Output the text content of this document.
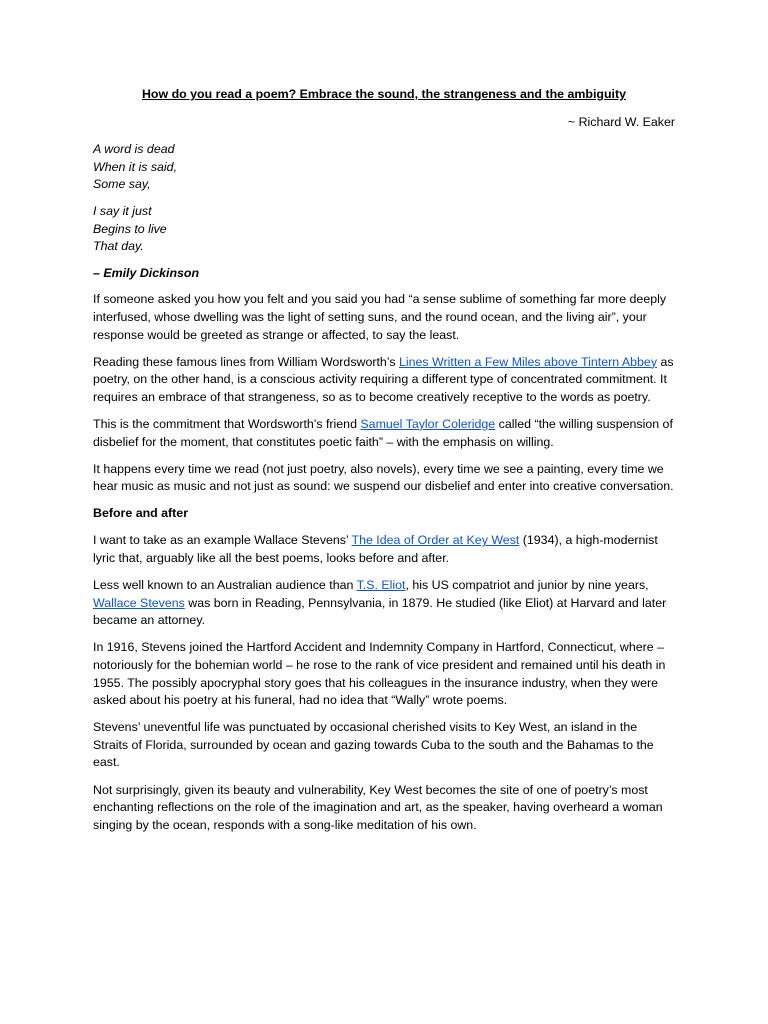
How do you read a poem? Embrace the sound, the strangeness and the ambiguity
~ Richard W. Eaker
A word is dead
When it is said,
Some say,
I say it just
Begins to live
That day.
– Emily Dickinson

If someone asked you how you felt and you said you had “a sense sublime of something far more deeply interfused, whose dwelling was the light of setting suns, and the round ocean, and the living air”, your response would be greeted as strange or affected, to say the least.

Reading these famous lines from William Wordsworth’s Lines Written a Few Miles above Tintern Abbey as poetry, on the other hand, is a conscious activity requiring a different type of concentrated commitment. It requires an embrace of that strangeness, so as to become creatively receptive to the words as poetry.

This is the commitment that Wordsworth’s friend Samuel Taylor Coleridge called “the willing suspension of disbelief for the moment, that constitutes poetic faith” – with the emphasis on willing.

It happens every time we read (not just poetry, also novels), every time we see a painting, every time we hear music as music and not just as sound: we suspend our disbelief and enter into creative conversation.

Before and after

I want to take as an example Wallace Stevens’ The Idea of Order at Key West (1934), a high-modernist lyric that, arguably like all the best poems, looks before and after.

Less well known to an Australian audience than T.S. Eliot, his US compatriot and junior by nine years, Wallace Stevens was born in Reading, Pennsylvania, in 1879. He studied (like Eliot) at Harvard and later became an attorney.

In 1916, Stevens joined the Hartford Accident and Indemnity Company in Hartford, Connecticut, where – notoriously for the bohemian world – he rose to the rank of vice president and remained until his death in 1955. The possibly apocryphal story goes that his colleagues in the insurance industry, when they were asked about his poetry at his funeral, had no idea that “Wally” wrote poems.

Stevens’ uneventful life was punctuated by occasional cherished visits to Key West, an island in the Straits of Florida, surrounded by ocean and gazing towards Cuba to the south and the Bahamas to the east.

Not surprisingly, given its beauty and vulnerability, Key West becomes the site of one of poetry’s most enchanting reflections on the role of the imagination and art, as the speaker, having overheard a woman singing by the ocean, responds with a song-like meditation of his own.
